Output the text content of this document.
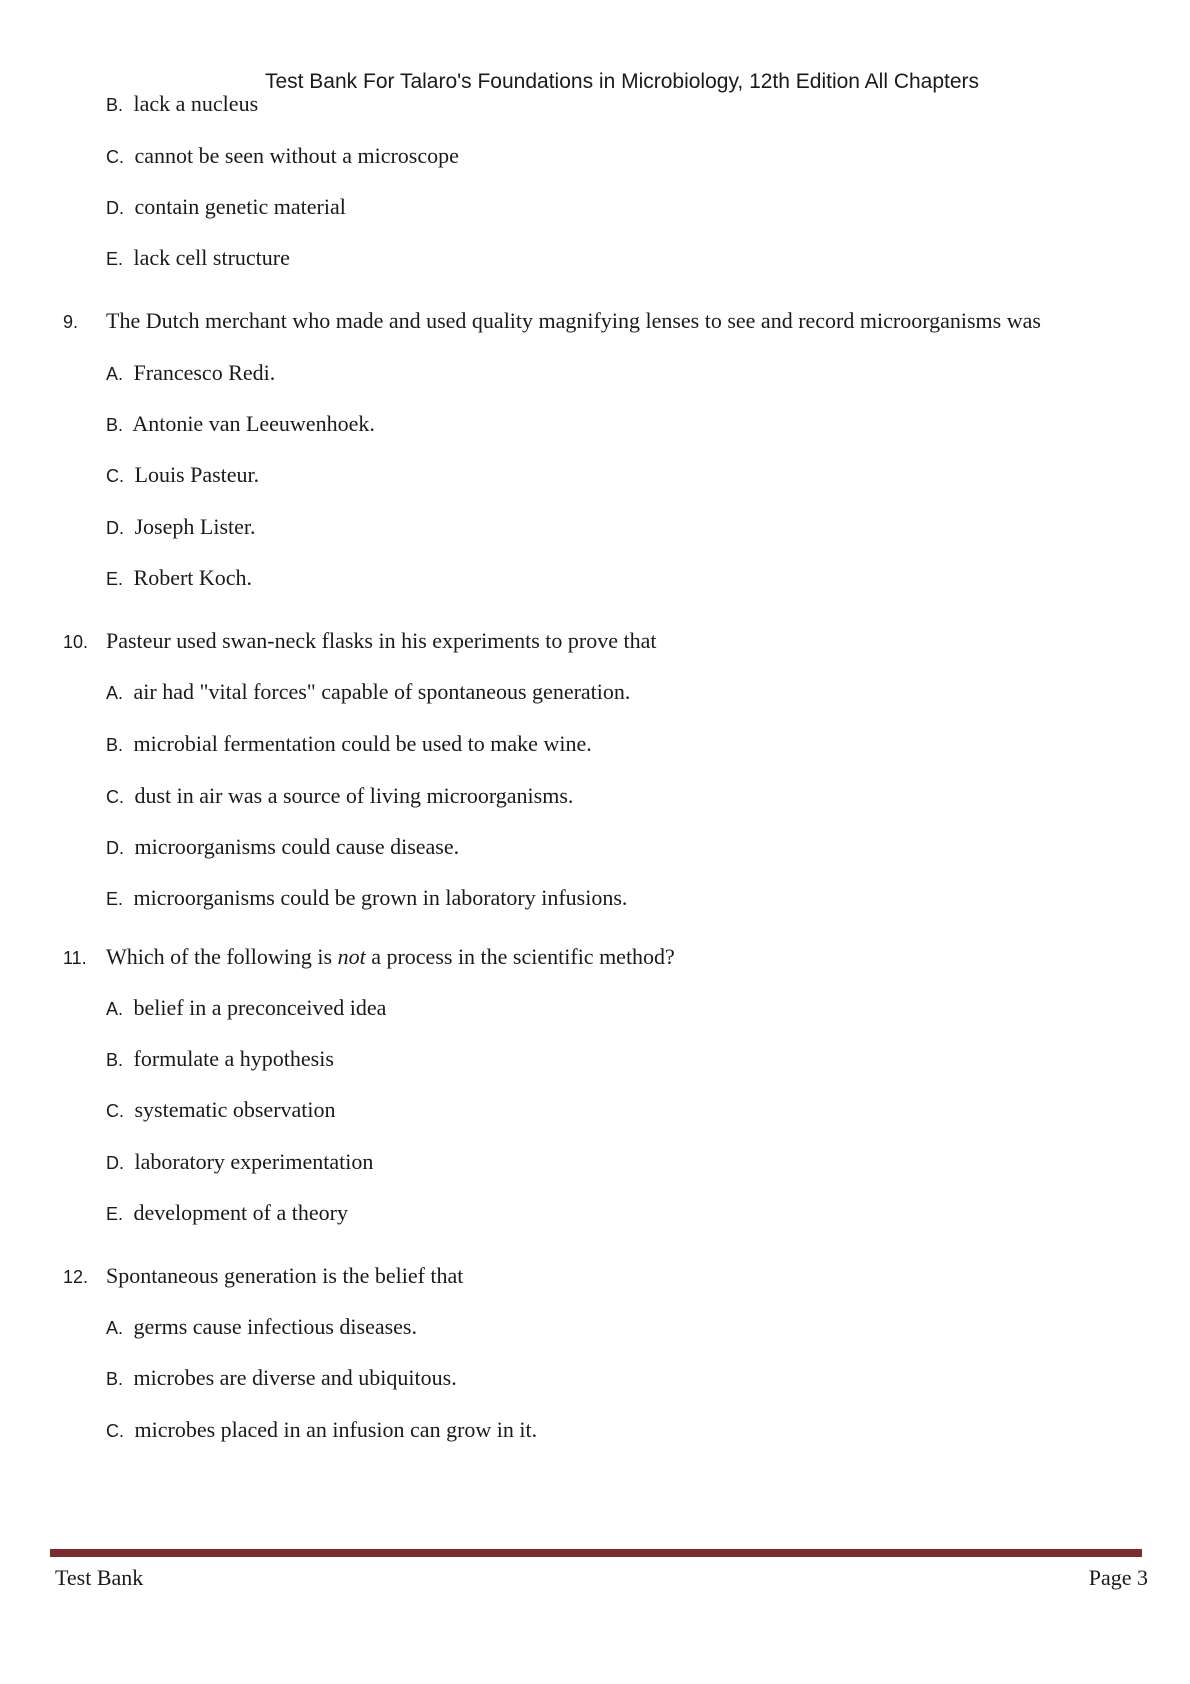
Test Bank For Talaro's Foundations in Microbiology, 12th Edition All Chapters
B. lack a nucleus
C. cannot be seen without a microscope
D. contain genetic material
E. lack cell structure
9. The Dutch merchant who made and used quality magnifying lenses to see and record microorganisms was
A. Francesco Redi.
B. Antonie van Leeuwenhoek.
C. Louis Pasteur.
D. Joseph Lister.
E. Robert Koch.
10. Pasteur used swan-neck flasks in his experiments to prove that
A. air had "vital forces" capable of spontaneous generation.
B. microbial fermentation could be used to make wine.
C. dust in air was a source of living microorganisms.
D. microorganisms could cause disease.
E. microorganisms could be grown in laboratory infusions.
11. Which of the following is not a process in the scientific method?
A. belief in a preconceived idea
B. formulate a hypothesis
C. systematic observation
D. laboratory experimentation
E. development of a theory
12. Spontaneous generation is the belief that
A. germs cause infectious diseases.
B. microbes are diverse and ubiquitous.
C. microbes placed in an infusion can grow in it.
Test Bank	Page 3
